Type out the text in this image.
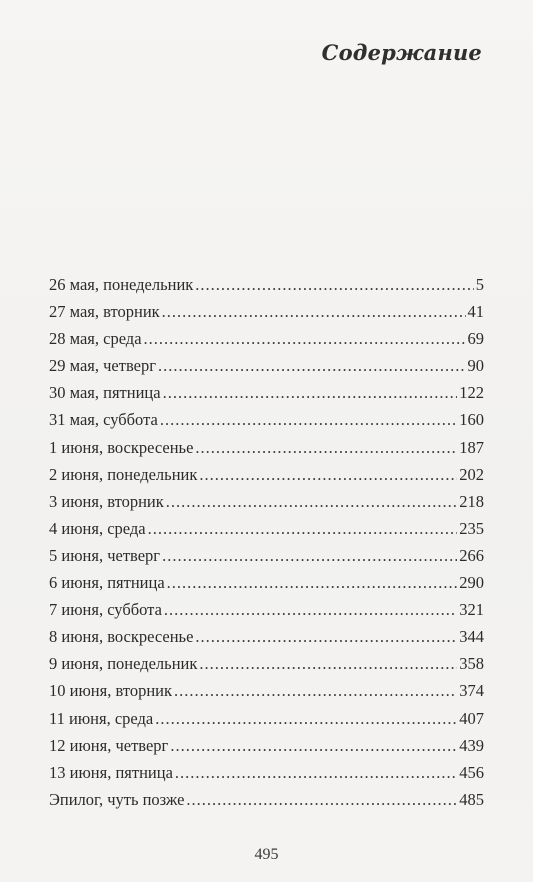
Содержание
26 мая, понедельник .....	5
27 мая, вторник .....	41
28 мая, среда .....	69
29 мая, четверг .....	90
30 мая, пятница .....	122
31 мая, суббота .....	160
1 июня, воскресенье .....	187
2 июня, понедельник .....	202
3 июня, вторник .....	218
4 июня, среда .....	235
5 июня, четверг .....	266
6 июня, пятница .....	290
7 июня, суббота .....	321
8 июня, воскресенье .....	344
9 июня, понедельник .....	358
10 июня, вторник .....	374
11 июня, среда .....	407
12 июня, четверг .....	439
13 июня, пятница .....	456
Эпилог, чуть позже .....	485
495
